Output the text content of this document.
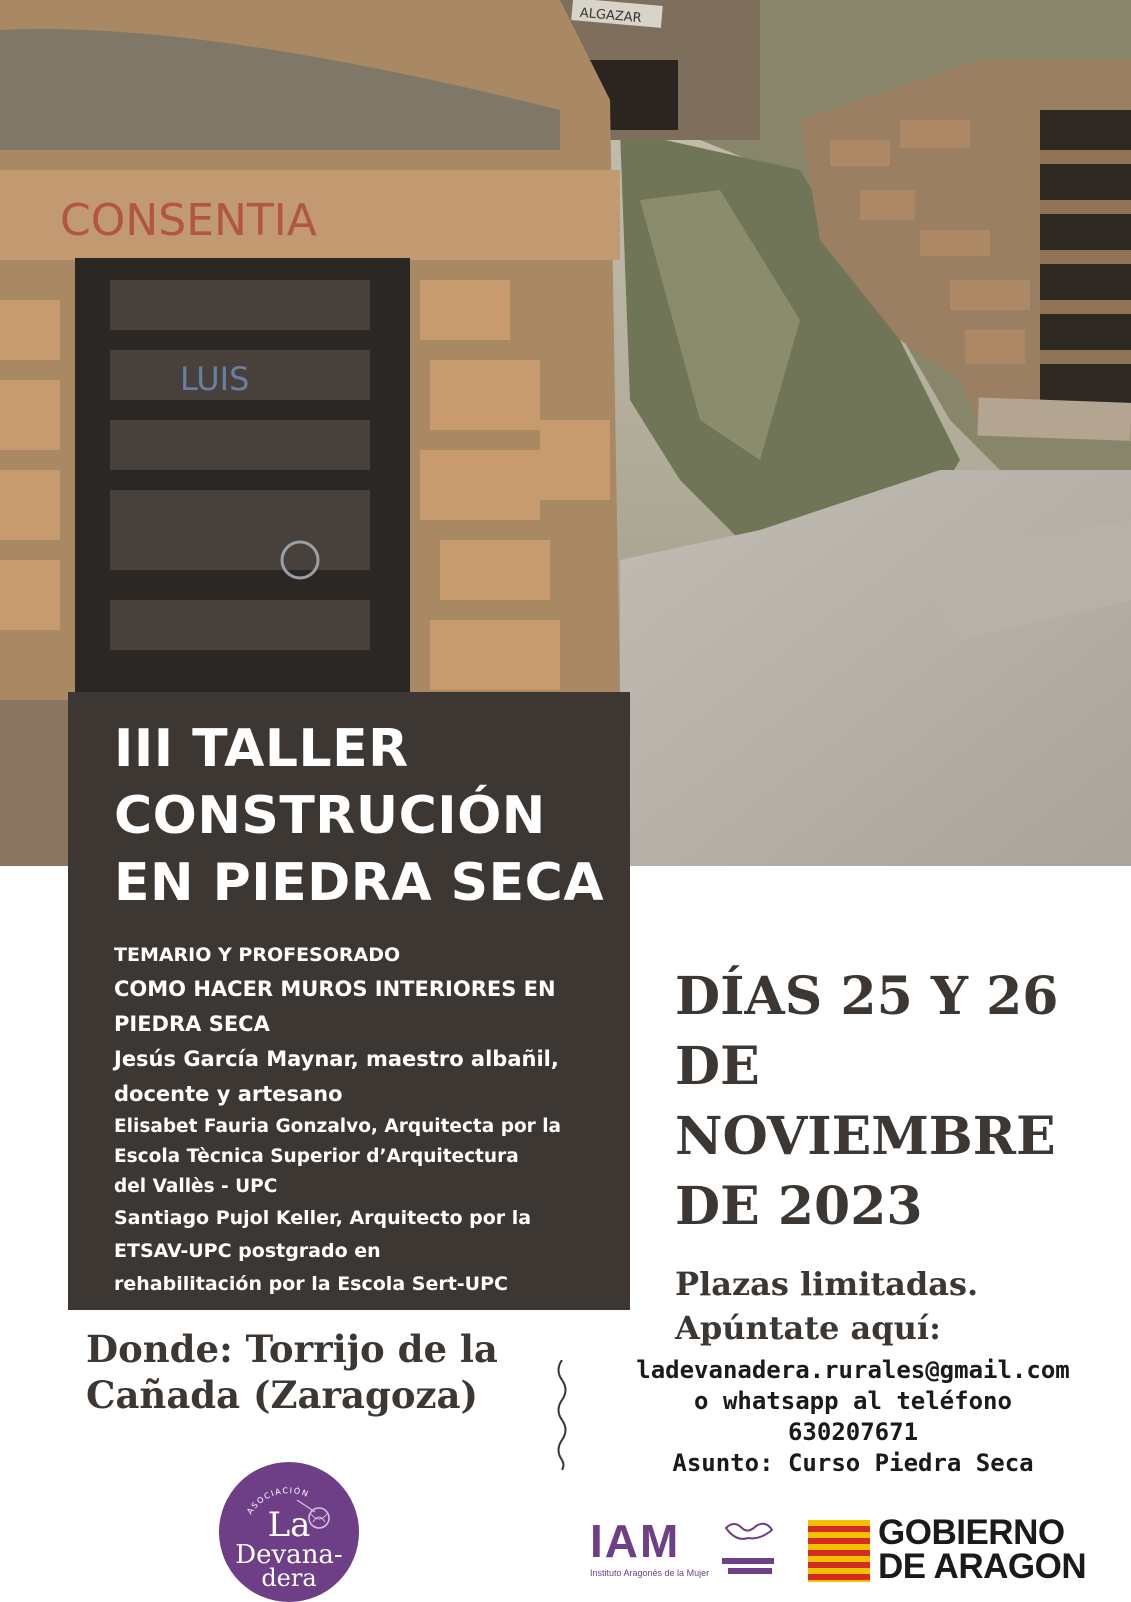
ALGAZAR
CONSENTIA
LUIS
III TALLER
CONSTRUCIÓN
EN PIEDRA SECA
TEMARIO Y PROFESORADO
COMO HACER MUROS INTERIORES EN
PIEDRA SECA
Jesús García Maynar, maestro albañil,
docente y artesano
Elisabet Fauria Gonzalvo, Arquitecta por la
Escola Tècnica Superior d’Arquitectura
del Vallès - UPC
Santiago Pujol Keller, Arquitecto por la
ETSAV-UPC postgrado en
rehabilitación por la Escola Sert-UPC
DÍAS 25 Y 26
DE
NOVIEMBRE
DE 2023
Plazas limitadas.
Apúntate aquí:
ladevanadera.rurales@gmail.com
o whatsapp al teléfono
630207671
Asunto: Curso Piedra Seca
Donde: Torrijo de la
Cañada (Zaragoza)
ASOCIACIÓN
La
Devana-
dera
IAM
Instituto Aragonés de la Mujer
GOBIERNO
DE ARAGON
